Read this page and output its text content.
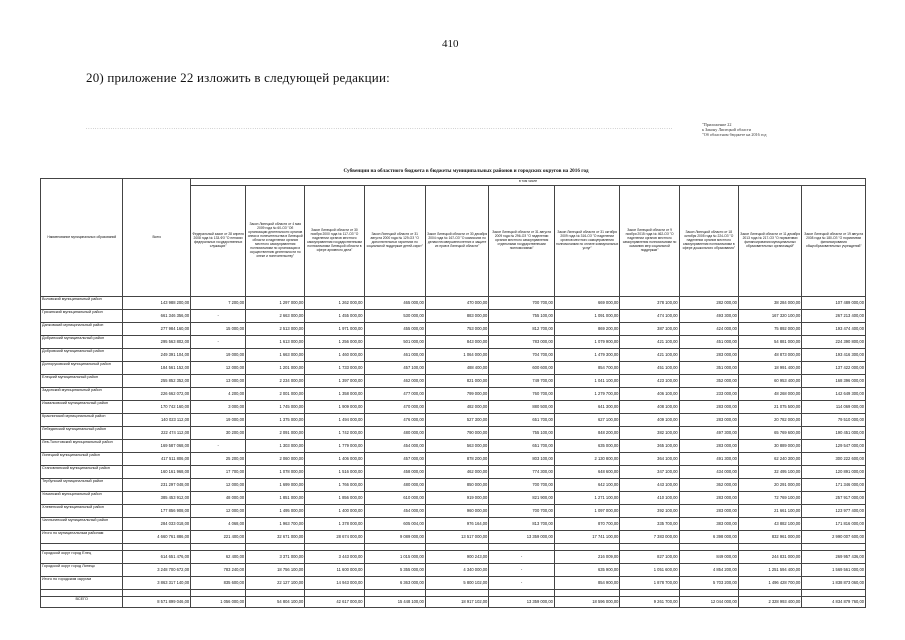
410
20) приложение 22 изложить в следующей редакции:
.....................................................................................................................................................................................................................................................................
"Приложение 22
к Закону Липецкой области
"Об областном бюджете на 2016 год
Субвенции на областного бюджета в бюджеты муниципальных районов и городских округов на 2016 год
Наименование муниципальных образований	Всего	в том числе										
		Федеральный закон от 28 апреля 2008 года № 133-ФЗ "О пенсиях федеральных государственных служащих"	Закон Липецкой области от 4 мая 2009 года № 60-ОЗ "Об организации деятельности органов опеки и попечительства в Липецкой области и наделении органов местного самоуправления полномочиями по организации и осуществлению деятельности по опеке и попечительству"	Закон Липецкой области от 30 ноября 2000 года № 117-ОЗ "О наделении органов местного самоуправления государственными полномочиями Липецкой области в сфере архивного дела"	Закон Липецкой области от 31 августа 2000 года № 129-ОЗ "О дополнительных гарантиях по социальной поддержке детей-сирот"	Закон Липецкой области от 30 декабря 2004 года № 167-ОЗ "О комиссиях по делам несовершеннолетних и защите их прав в Липецкой области"	Закон Липецкой области от 31 августа 2009 года № 296-ОЗ "О наделении органов местного самоуправления отдельными государственными полномочиями"	Закон Липецкой области от 31 октября 2009 года № 316-ОЗ "О наделении органов местного самоуправления полномочиями по оплате коммунальных услуг"	Закон Липецкой области от 9 ноября 2015 года № 462-ОЗ "О наделении органов местного самоуправления полномочиями по оказанию мер социальной поддержки"	Закон Липецкой области от 18 октября 2005 года № 224-ОЗ "О наделении органов местного самоуправления полномочиями в сфере дошкольного образования"	Закон Липецкой области от 11 декабря 2013 года № 217-ОЗ "О нормативах финансирования муниципальных образовательных организаций"	Закон Липецкой области от 19 августа 2008 года № 180-ОЗ "О нормативах финансирования общеобразовательных учреждений"
Воловский муниципальный район	143 988 200,00	7 200,00	1 297 000,00	1 262 000,00	465 000,00	470 000,00	700 700,00	669 000,00	378 100,00	282 000,00	38 284 000,00	107 489 000,00
Грязинский муниципальный район	661 346 356,00	-	2 663 000,00	1 455 000,00	530 000,00	883 000,00	755 100,00	1 091 000,00	474 100,00	493 300,00	167 320 100,00	267 213 400,00
Данковский муниципальный район	277 984 160,00	15 000,00	2 513 000,00	1 971 000,00	455 000,00	753 000,00	812 700,00	869 200,00	387 100,00	424 000,00	75 892 000,00	193 474 400,00
Добринский муниципальный район	295 563 802,00	-	1 613 000,00	1 256 000,00	501 000,00	843 000,00	783 000,00	1 079 900,00	421 100,00	451 000,00	54 881 000,00	224 390 800,00
Добровский муниципальный район	249 391 104,00	19 000,00	1 663 000,00	1 460 000,00	461 000,00	1 064 000,00	704 700,00	1 479 300,00	421 100,00	283 000,00	48 873 000,00	193 416 300,00
Долгоруковский муниципальный район	184 561 152,00	12 000,00	1 201 000,00	1 733 000,00	457 100,00	488 400,00	600 600,00	854 700,00	451 100,00	351 000,00	18 991 400,00	137 422 000,00
Елецкий муниципальный район	255 852 352,00	13 000,00	2 234 000,00	1 397 000,00	462 000,00	821 000,00	749 700,00	1 041 100,00	423 100,00	352 000,00	60 953 400,00	168 396 000,00
Задонский муниципальный район	226 662 072,00	4 200,00	2 001 000,00	1 358 000,00	477 000,00	799 000,00	760 700,00	1 279 700,00	406 100,00	233 000,00	48 268 000,00	142 649 300,00
Измалковский муниципальный район	170 742 160,00	3 000,00	1 745 000,00	1 909 000,00	470 000,00	482 000,00	880 500,00	641 300,00	408 100,00	283 000,00	21 075 500,00	114 069 000,00
Краснинский муниципальный район	140 023 112,00	19 000,00	1 375 000,00	1 494 000,00	476 000,00	527 300,00	651 700,00	627 100,00	409 100,00	283 000,00	20 782 000,00	79 510 000,00
Лебедянский муниципальный район	222 474 112,00	30 200,00	2 091 000,00	1 742 000,00	480 000,00	790 000,00	755 100,00	848 200,00	382 100,00	497 300,00	65 769 600,00	190 451 000,00
Лев-Толстовский муниципальный район	169 587 068,00	-	1 303 000,00	1 779 000,00	454 000,00	563 000,00	651 700,00	635 000,00	365 100,00	283 000,00	30 889 000,00	129 547 000,00
Липецкий муниципальный район	417 511 806,00	25 200,00	2 060 000,00	1 406 000,00	457 000,00	878 200,00	803 100,00	2 130 800,00	364 100,00	491 300,00	62 240 300,00	300 222 600,00
Становлянский муниципальный район	160 161 968,00	17 700,00	1 078 000,00	1 516 000,00	458 000,00	462 000,00	774 300,00	648 600,00	347 100,00	434 000,00	32 495 100,00	120 891 000,00
Тербунский муниципальный район	231 297 048,00	12 000,00	1 699 000,00	1 766 000,00	480 000,00	850 000,00	700 700,00	642 100,00	443 100,00	362 000,00	20 291 000,00	171 346 000,00
Усманский муниципальный район	385 453 912,00	48 000,00	1 851 000,00	1 856 000,00	610 000,00	919 000,00	821 900,00	1 271 100,00	410 100,00	283 000,00	72 769 100,00	257 917 000,00
Хлевенский муниципальный район	177 856 908,00	12 000,00	1 495 000,00	1 400 000,00	454 000,00	960 000,00	700 700,00	1 097 000,00	392 100,00	283 000,00	21 661 100,00	123 977 400,00
Чаплыгинский муниципальный район	284 033 018,00	4 068,00	1 963 700,00	1 378 000,00	605 004,00	976 164,00	813 700,00	870 700,00	335 700,00	383 000,00	43 882 100,00	171 816 000,00
Итого по муниципальным районам	4 660 761 886,00	221 400,00	32 671 000,00	28 674 000,00	9 089 000,00	13 517 000,00	13 359 000,00	17 741 100,00	7 383 000,00	6 398 000,00	832 961 000,00	2 990 007 600,00

Городской округ город Елец	614 651 476,00	62 400,00	3 371 000,00	3 443 000,00	1 015 000,00	900 243,00	-	216 009,00	827 100,00	849 000,00	244 831 000,00	269 957 436,00
Городской округ город Липецк	3 248 700 672,00	783 240,00	18 756 100,00	11 600 000,00	5 355 000,00	4 340 000,00	-	635 900,00	1 051 600,00	4 854 200,00	1 251 594 400,00	1 569 561 000,00
Итого по городским округам	3 863 317 140,00	835 600,00	22 127 100,00	14 943 000,00	6 363 000,00	5 800 102,00	-	854 900,00	1 878 700,00	5 703 200,00	1 496 428 700,00	1 838 873 060,00

ВСЕГО	8 571 899 046,00	1 056 000,00	54 804 100,00	42 617 000,00	15 448 100,00	18 917 102,00	13 359 000,00	18 596 000,00	9 261 700,00	12 044 000,00	2 328 993 400,00	4 834 879 760,00
